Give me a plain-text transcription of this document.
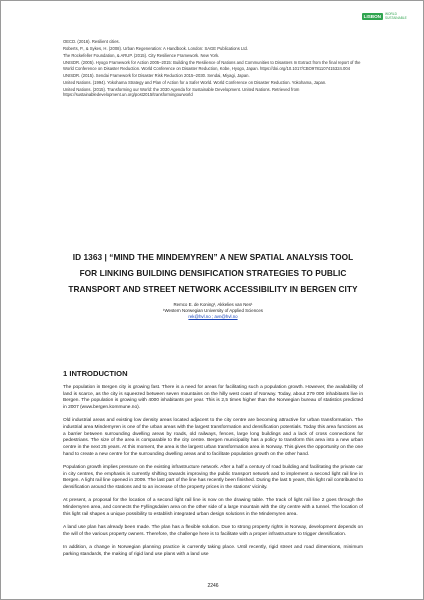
LISBON	WORLD SUSTAINABLE

OECD. (2016). Resilient cities.

Roberts, P., & Sykes, H. (2008). Urban Regeneration: A Handbook. London: SAGE Publications Ltd.

The Rockefeller Foundation, & ARUP. (2015). City Resilience Framework. New York.

UNISDR. (2005). Hyogo Framework for Action 2005–2015: Building the Resilience of Nations and Communities to Disasters In Extract from the final report of the World Conference on Disaster Reduction. World Conference on Disaster Reduction, Kobe, Hyogo, Japan. https://doi.org/10.1017/CBO9781107415324.004

UNISDR. (2015). Sendai Framework for Disaster Risk Reduction 2015–2030. Sendai, Miyagi, Japan.

United Nations. (1994). Yokohama Strategy and Plan of Action for a Safer World. World Conference on Disaster Reduction. Yokohama, Japan.

United Nations. (2015). Transforming our World: the 2030 Agenda for Sustainable Development. United Nations. Retrieved from https://sustainabledevelopment.un.org/post2015/transformingourworld

ID 1363 | “MIND THE MINDEMYREN” A NEW SPATIAL ANALYSIS TOOL
FOR LINKING BUILDING DENSIFICATION STRATEGIES TO PUBLIC
TRANSPORT AND STREET NETWORK ACCESSIBILITY IN BERGEN CITY
Remco E. de Koning¹, Akkelies van Nes¹
¹Western Norwegian University of Applied Sciences
rek@hvl.no ; avn@hvl.no
1 INTRODUCTION

The population in Bergen city is growing fast. There is a need for areas for facilitating such a population growth. However, the availability of land is scarce, as the city is squeezed between seven mountains on the hilly west coast of Norway. Today, about 279 000 inhabitants live in Bergen. The population is growing with 4000 inhabitants per year. This is 2,5 times higher than the Norwegian bureau of statistics predicted in 2007 (www.bergen.kommune.no).

Old industrial areas and existing low density areas located adjacent to the city centre are becoming attractive for urban transformation. The industrial area Mindemyren is one of the urban areas with the largest transformation and densification potentials. Today this area functions as a barrier between surrounding dwelling areas by roads, old railways, fences, large long buildings and a lack of cross connections for pedestrians. The size of the area is comparable to the city centre. Bergen municipality has a policy to transform this area into a new urban centre in the next 25 years. At this moment, the area is the largest urban transformation area in Norway. This gives the opportunity on the one hand to create a new centre for the surrounding dwelling areas and to facilitate population growth on the other hand.

Population growth implies pressure on the existing infrastructure network. After a half a century of road building and facilitating the private car in city centres, the emphasis is currently shifting towards improving the public transport network and to implement a second light rail line in Bergen. A light rail line opened in 2009. The last part of the line has recently been finished. During the last 5 years, this light rail contributed to densification around the stations and to an increase of the property prices in the stations’ vicinity.

At present, a proposal for the location of a second light rail line is now on the drawing table. The track of light rail line 2 goes through the Mindemyren area, and connects the Fyllingsdalen area on the other side of a large mountain with the city centre with a tunnel. The location of this light rail shapes a unique possibility to establish integrated urban design solutions in the Mindemyren area.

A land use plan has already been made. The plan has a flexible solution. Due to strong property rights in Norway, development depends on the will of the various property owners. Therefore, the challenge here is to facilitate with a proper infrastructure to trigger densification.

In addition, a change in Norwegian planning practice is currently taking place. Until recently, rigid street and road dimensions, minimum parking standards, the making of rigid land use plans with a land use

2246
